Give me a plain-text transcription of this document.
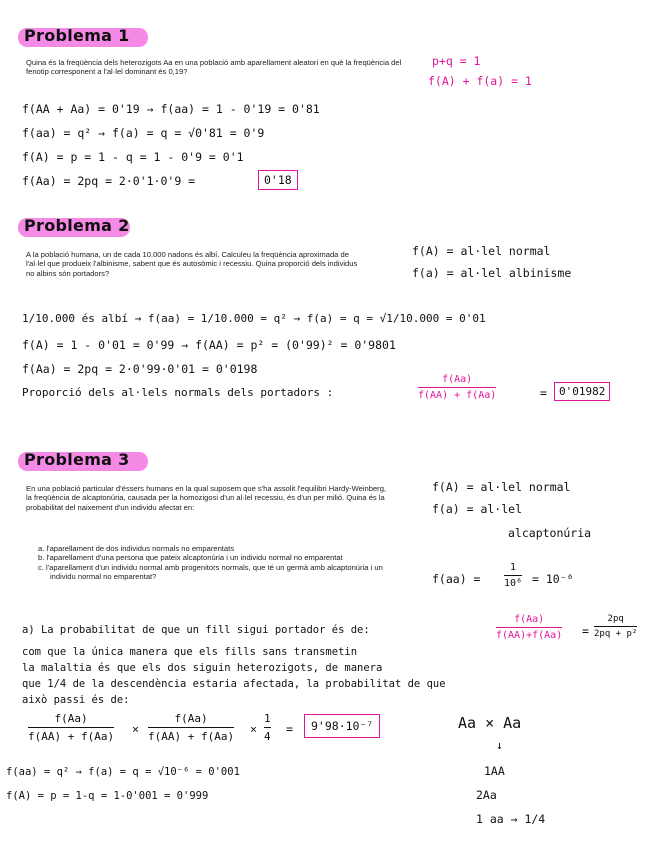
Problema 1

Quina és la freqüència dels heterozigots Aa en una població amb aparellament aleatori en què la freqüència del fenotip corresponent a l'al·lel dominant és 0,19?

p+q = 1
f(A) + f(a) = 1
f(AA + Aa) = 0'19 → f(aa) = 1 - 0'19 = 0'81
f(aa) = q² → f(a) = q = √0'81 = 0'9
f(A) = p = 1 - q = 1 - 0'9 = 0'1
f(Aa) = 2pq = 2·0'1·0'9 =	0'18
Problema 2

A la població humana, un de cada 10.000 nadons és albí. Calculeu la freqüència aproximada de l'al·lel que produeix l'albinisme, sabent que és autosòmic i recessiu. Quina proporció dels individus no albins són portadors?

f(A) = al·lel normal
f(a) = al·lel albinisme
1/10.000 és albí → f(aa) = 1/10.000 = q² → f(a) = q = √1/10.000 = 0'01
f(A) = 1 - 0'01 = 0'99 → f(AA) = p² = (0'99)² = 0'9801
f(Aa) = 2pq = 2·0'99·0'01 = 0'0198
Proporció dels al·lels normals dels portadors :
f(Aa)
f(AA) + f(Aa)	=	0'01982
Problema 3

En una població particular d'éssers humans en la qual suposem que s'ha assolit l'equilibri Hardy-Weinberg, la freqüència de alcaptonúria, causada per la homozigosi d'un al·lel recessiu, és d'un per milió. Quina és la probabilitat del naixement d'un individu afectat en:

a. l'aparellament de dos individus normals no emparentats
b. l'aparellament d'una persona que pateix alcaptonúria i un individu normal no emparentat
c. l'aparellament d'un individu normal amb progenitors normals, que té un germà amb alcaptonúria i un individu normal no emparentat?
f(A) = al·lel normal
f(a) = al·lel
alcaptonúria
f(aa) =
1
10⁶ = 10⁻⁶
a) La probabilitat de que un fill sigui portador és de:
f(Aa)
f(AA)+f(Aa) =
2pq
2pq + p²
com que la única manera que els fills sans transmetin
la malaltia és que els dos siguin heterozigots, de manera
que 1/4 de la descendència estaria afectada, la probabilitat de que
això passi és de:
f(Aa)
f(AA) + f(Aa)
×
f(Aa)
f(AA) + f(Aa)
×
1
4
=	9'98·10⁻⁷
f(aa) = q² → f(a) = q = √10⁻⁶ = 0'001
f(A) = p = 1-q = 1-0'001 = 0'999
Aa × Aa
↓
1AA
2Aa
1 aa → 1/4
